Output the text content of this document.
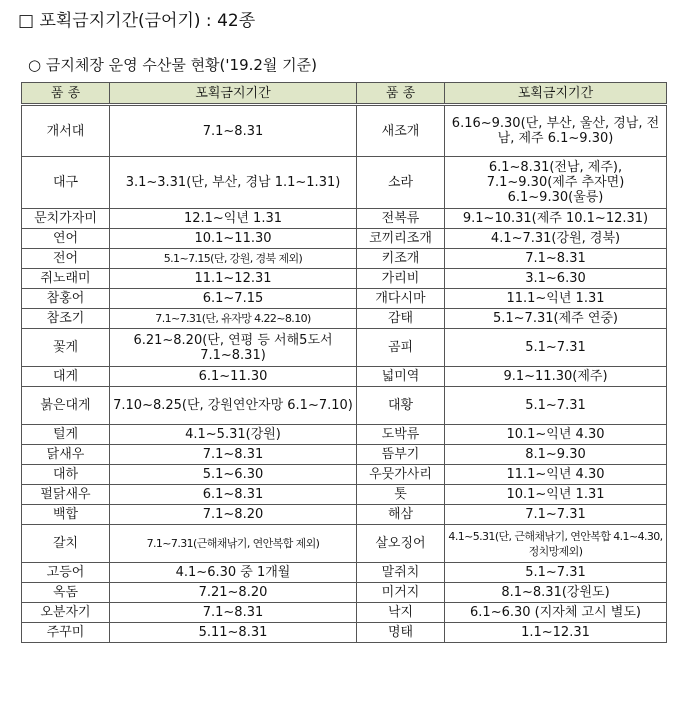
□ 포획금지기간(금어기) : 42종
○ 금지체장 운영 수산물 현황('19.2월 기준)
품 종	포획금지기간	품 종	포획금지기간
개서대	7.1~8.31	새조개	6.16~9.30(단, 부산, 울산, 경남, 전남, 제주 6.1~9.30)
대구	3.1~3.31(단, 부산, 경남 1.1~1.31)	소라	6.1~8.31(전남, 제주), 7.1~9.30(제주 추자면) 6.1~9.30(울릉)
문치가자미	12.1~익년 1.31	전복류	9.1~10.31(제주 10.1~12.31)
연어	10.1~11.30	코끼리조개	4.1~7.31(강원, 경북)
전어	5.1~7.15(단, 강원, 경북 제외)	키조개	7.1~8.31
쥐노래미	11.1~12.31	가리비	3.1~6.30
참홍어	6.1~7.15	개다시마	11.1~익년 1.31
참조기	7.1~7.31(단, 유자망 4.22~8.10)	감태	5.1~7.31(제주 연중)
꽃게	6.21~8.20(단, 연평 등 서해5도서 7.1~8.31)	곰피	5.1~7.31
대게	6.1~11.30	넓미역	9.1~11.30(제주)
붉은대게	7.10~8.25(단, 강원연안자망 6.1~7.10)	대황	5.1~7.31
털게	4.1~5.31(강원)	도박류	10.1~익년 4.30
닭새우	7.1~8.31	뜸부기	8.1~9.30
대하	5.1~6.30	우뭇가사리	11.1~익년 4.30
펄닭새우	6.1~8.31	톳	10.1~익년 1.31
백합	7.1~8.20	해삼	7.1~7.31
갈치	7.1~7.31(근해채낚기, 연안복합 제외)	살오징어	4.1~5.31(단, 근해채낚기, 연안복합 4.1~4.30, 정치망제외)
고등어	4.1~6.30 중 1개월	말쥐치	5.1~7.31
옥돔	7.21~8.20	미거지	8.1~8.31(강원도)
오분자기	7.1~8.31	낙지	6.1~6.30 (지자체 고시 별도)
주꾸미	5.11~8.31	명태	1.1~12.31
